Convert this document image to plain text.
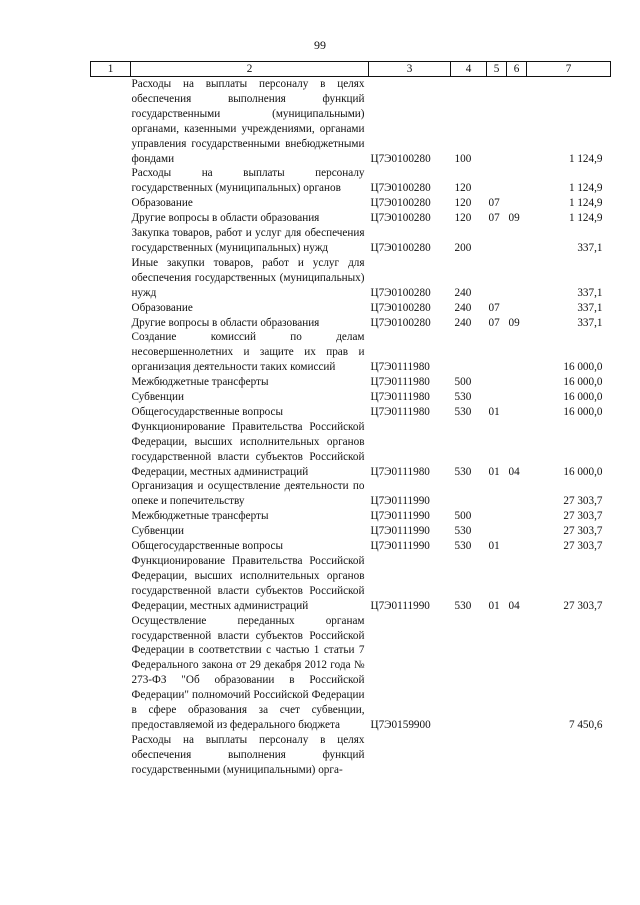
99
1	2	3	4	5	6	7
	Расходы на выплаты персоналу в целях обеспечения выполнения функций государственными (муниципальными) органами, казенными учреждениями, органами управления государственными внебюджетными фондами	Ц7Э0100280	100			1 124,9
	Расходы на выплаты персоналу государственных (муниципальных) органов	Ц7Э0100280	120			1 124,9
	Образование	Ц7Э0100280	120	07		1 124,9
	Другие вопросы в области образования	Ц7Э0100280	120	07	09	1 124,9
	Закупка товаров, работ и услуг для обеспечения государственных (муниципальных) нужд	Ц7Э0100280	200			337,1
	Иные закупки товаров, работ и услуг для обеспечения государственных (муниципальных) нужд	Ц7Э0100280	240			337,1
	Образование	Ц7Э0100280	240	07		337,1
	Другие вопросы в области образования	Ц7Э0100280	240	07	09	337,1
	Создание комиссий по делам несовершеннолетних и защите их прав и организация деятельности таких комиссий	Ц7Э0111980				16 000,0
	Межбюджетные трансферты	Ц7Э0111980	500			16 000,0
	Субвенции	Ц7Э0111980	530			16 000,0
	Общегосударственные вопросы	Ц7Э0111980	530	01		16 000,0
	Функционирование Правительства Российской Федерации, высших исполнительных органов государственной власти субъектов Российской Федерации, местных администраций	Ц7Э0111980	530	01	04	16 000,0
	Организация и осуществление деятельности по опеке и попечительству	Ц7Э0111990				27 303,7
	Межбюджетные трансферты	Ц7Э0111990	500			27 303,7
	Субвенции	Ц7Э0111990	530			27 303,7
	Общегосударственные вопросы	Ц7Э0111990	530	01		27 303,7
	Функционирование Правительства Российской Федерации, высших исполнительных органов государственной власти субъектов Российской Федерации, местных администраций	Ц7Э0111990	530	01	04	27 303,7
	Осуществление переданных органам государственной власти субъектов Российской Федерации в соответствии с частью 1 статьи 7 Федерального закона от 29 декабря 2012 года № 273-ФЗ "Об образовании в Российской Федерации" полномочий Российской Федерации в сфере образования за счет субвенции, предоставляемой из федерального бюджета	Ц7Э0159900				7 450,6
	Расходы на выплаты персоналу в целях обеспечения выполнения функций государственными (муниципальными) орга-					
